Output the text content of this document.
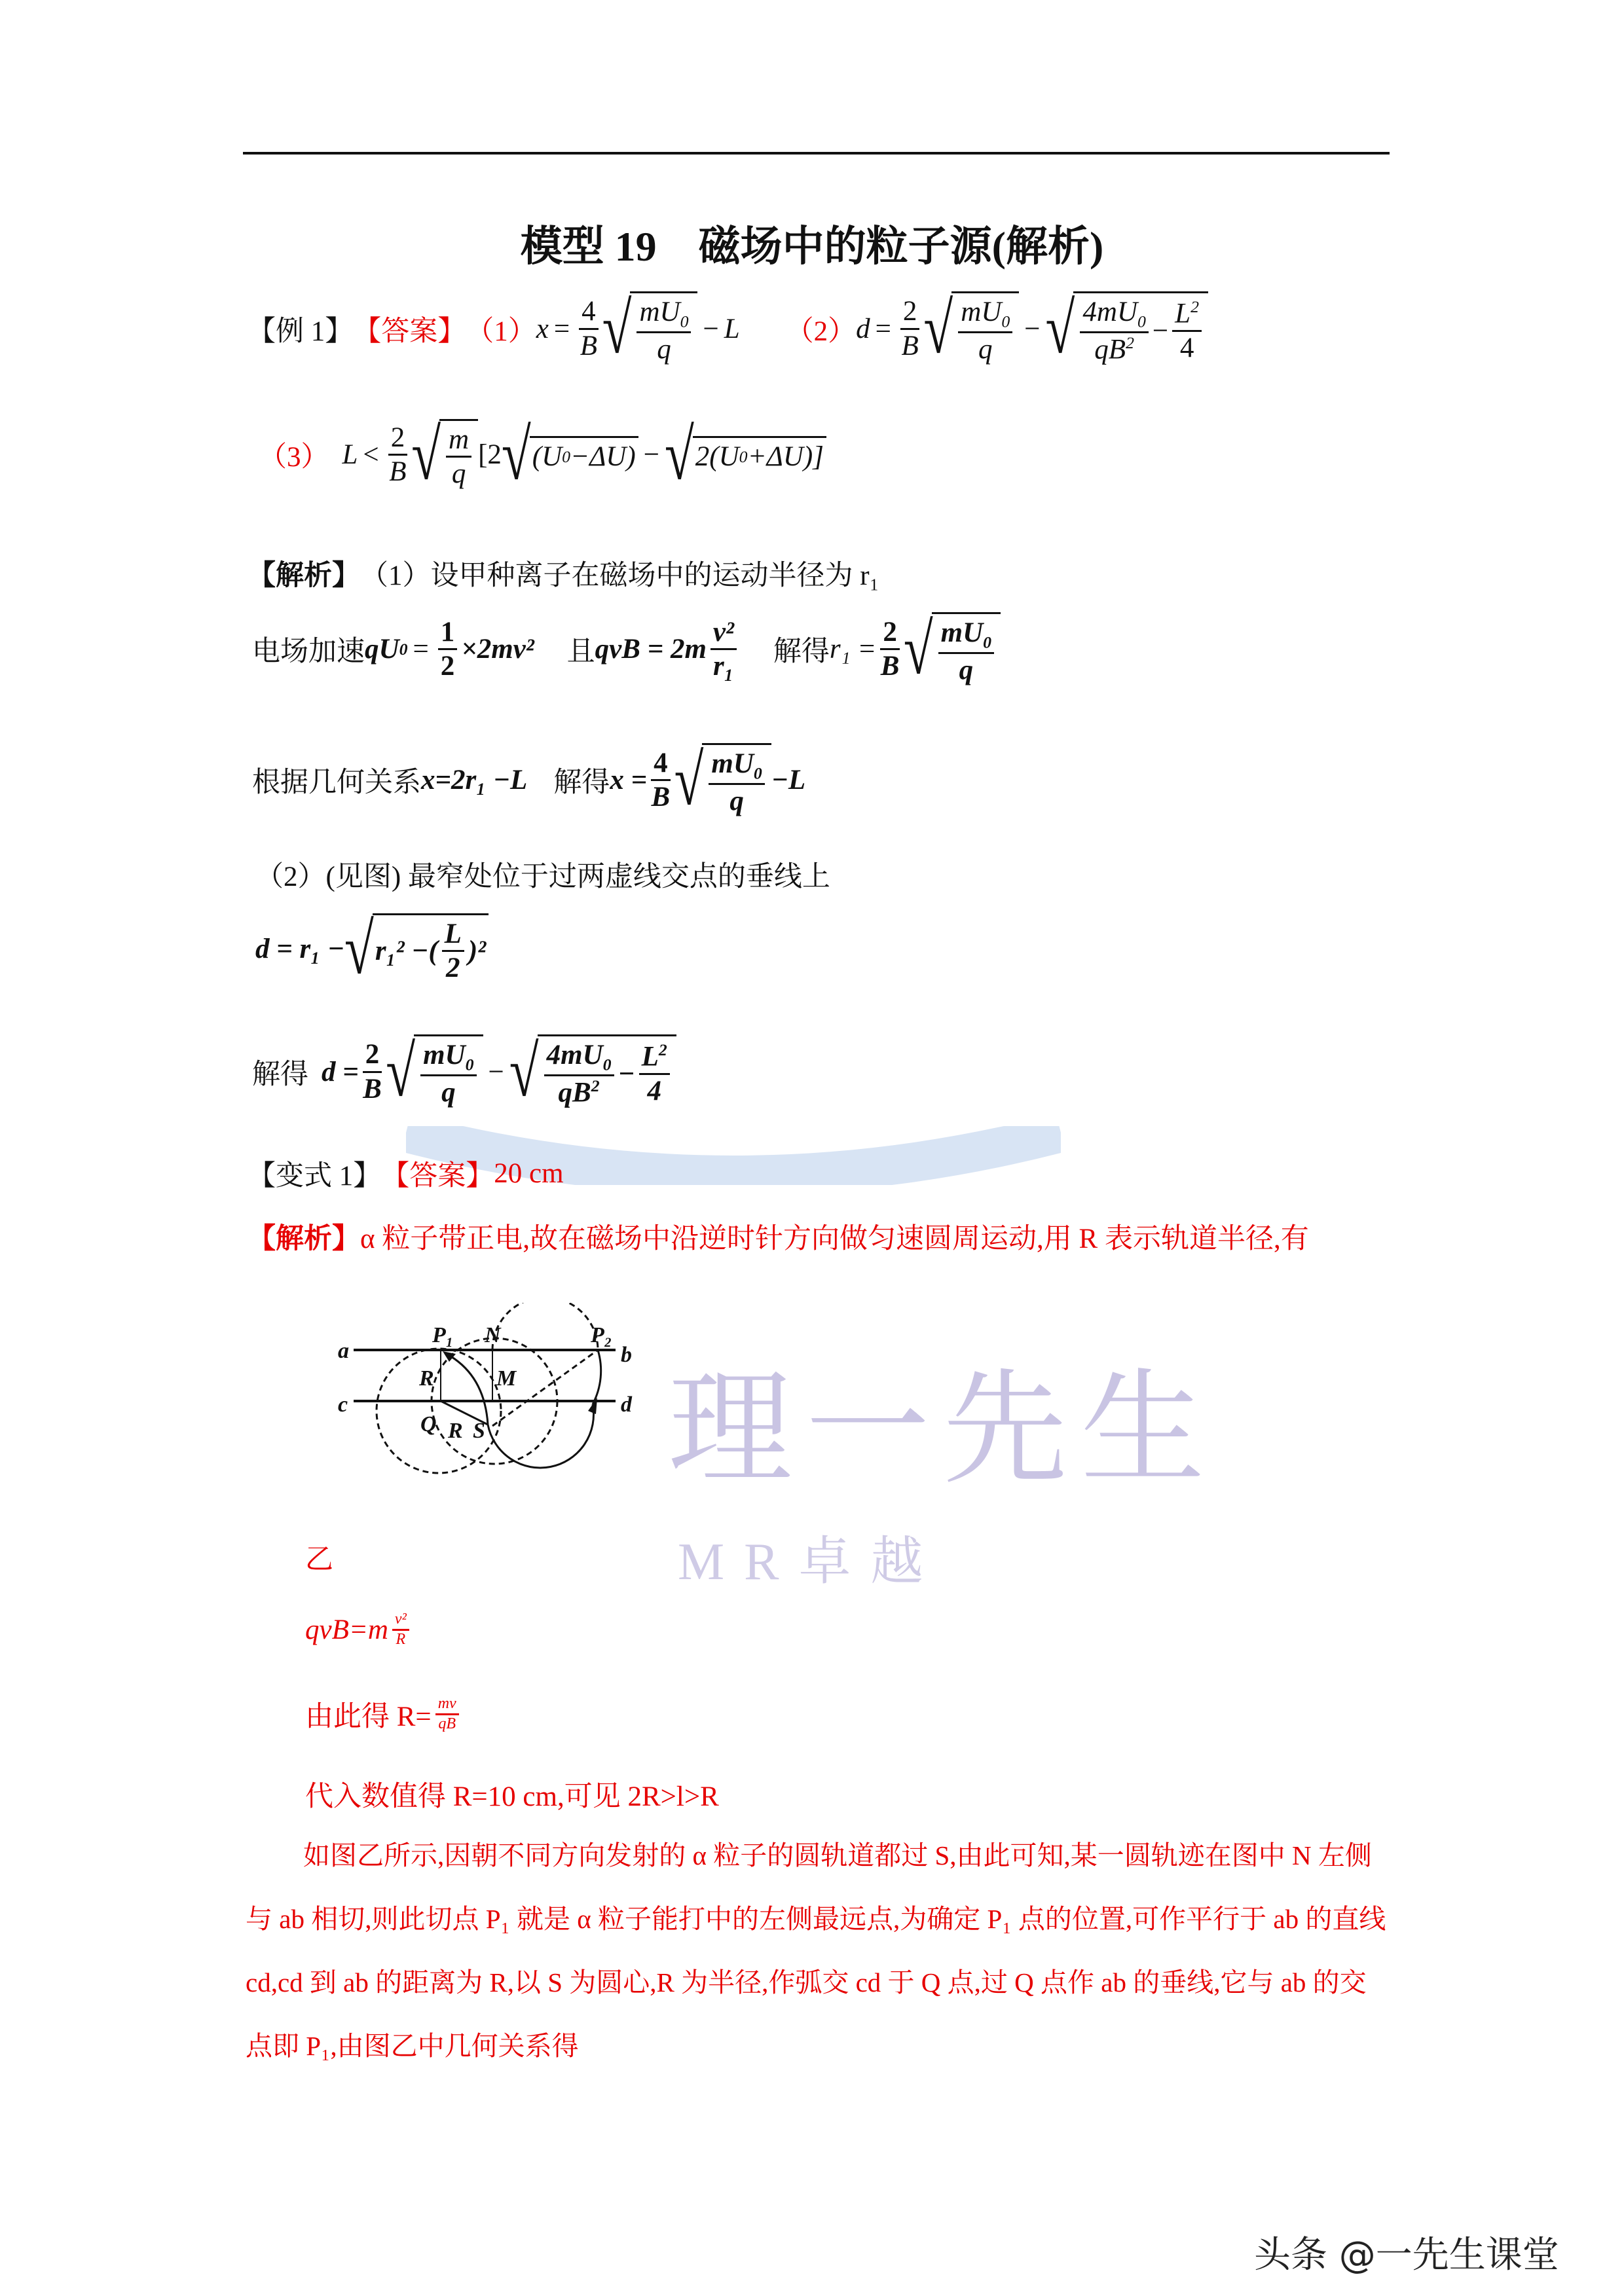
模型 19　磁场中的粒子源(解析)
理一先生
MR卓越
【例 1】 【答案】 （1） $x = \frac{4}{B}$ √ $\frac{mU_0}{q} - L$ （2） $d = \frac{2}{B}$ √ $\frac{mU_0}{q}$ − √ $\frac{4mU_0}{qB^2} - \frac{L^2}{4}$
（3） $L < \frac{2}{B}$ √ $\frac{m}{q} [2$ √ (U 0 −ΔU) − √ 2(U 0 +ΔU)]
【解析】 （1）设甲种离子在磁场中的运动半径为 r₁
电场加速 qU $0 = \frac{1}{2} \times 2mv^2$ 且 qvB = $2m \frac{\text{v²}}{\text{r₁}}$ 解得 $r_1 = \frac{2}{B}$ √ $\frac{mU_0}{q}$
根据几何关系 x=2r₁ −L 解得 $x = \frac{4}{B}$ √ $\frac{mU_0}{q} -L$
（2）(见图) 最窄处位于过两虚线交点的垂线上
d = r₁ − √ r₁² −( $\frac{L}{2} )^2$
解得 $d = \frac{2}{B}$ √ $\frac{mU_0}{q}$ − √ $\frac{4mU_0}{qB^2} - \frac{L^2}{4}$
【变式 1】 【答案】 20 cm
【解析】 α 粒子带正电,故在磁场中沿逆时针方向做匀速圆周运动,用 R 表示轨道半径,有
a	b
c	d
P₁ N	P₂
R	M
Q R S
乙
$qvB=m \frac{\text{v²}}{R}$
由此得 $R= \frac{mv}{qB}$
代入数值得 R=10 cm,可见 2R>l>R
如图乙所示,因朝不同方向发射的 α 粒子的圆轨道都过 S,由此可知,某一圆轨迹在图中 N 左侧与 ab 相切,则此切点 P₁ 就是 α 粒子能打中的左侧最远点,为确定 P₁ 点的位置,可作平行于 ab 的直线 cd,cd 到 ab 的距离为 R,以 S 为圆心,R 为半径,作弧交 cd 于 Q 点,过 Q 点作 ab 的垂线,它与 ab 的交点即 P₁,由图乙中几何关系得
头条 @一先生课堂
